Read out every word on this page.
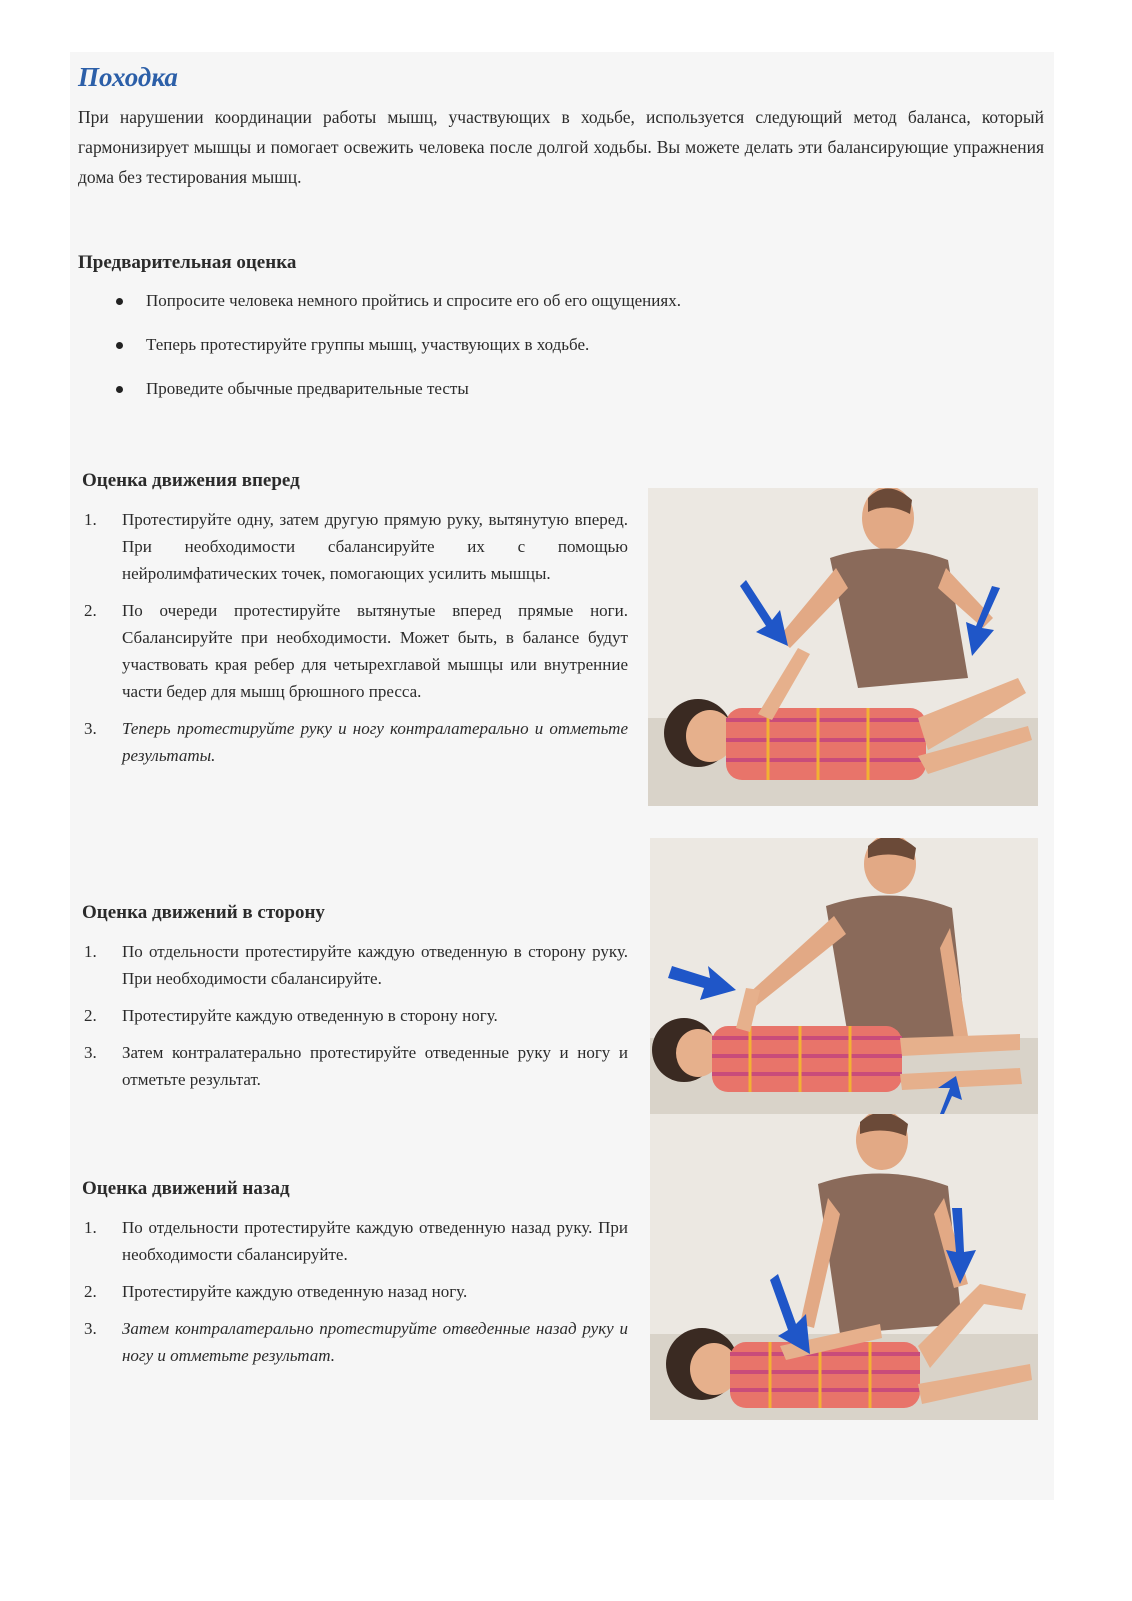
Походка

При нарушении координации работы мышц, участвующих в ходьбе, используется следующий метод баланса, который гармонизирует мышцы и помогает освежить человека после долгой ходьбы. Вы можете делать эти балансирующие упражнения дома без тестирования мышц.

Предварительная оценка
Попросите человека немного пройтись и спросите его об его ощущениях.
Теперь протестируйте группы мышц, участвующих в ходьбе.
Проведите обычные предварительные тесты
Оценка движения вперед
1. Протестируйте одну, затем другую прямую руку, вытянутую вперед. При необходимости сбалансируйте их с помощью нейролимфатических точек, помогающих усилить мышцы.
2. По очереди протестируйте вытянутые вперед прямые ноги. Сбалансируйте при необходимости. Может быть, в балансе будут участвовать края ребер для четырехглавой мышцы или внутренние части бедер для мышц брюшного пресса.
3. Теперь протестируйте руку и ногу контралатерально и отметьте результаты.
Оценка движений в сторону
1. По отдельности протестируйте каждую отведенную в сторону руку. При необходимости сбалансируйте.
2. Протестируйте каждую отведенную в сторону ногу.
3. Затем контралатерально протестируйте отведенные руку и ногу и отметьте результат.
Оценка движений назад
1. По отдельности протестируйте каждую отведенную назад руку. При необходимости сбалансируйте.
2. Протестируйте каждую отведенную назад ногу.
3. Затем контралатерально протестируйте отведенные назад руку и ногу и отметьте результат.
